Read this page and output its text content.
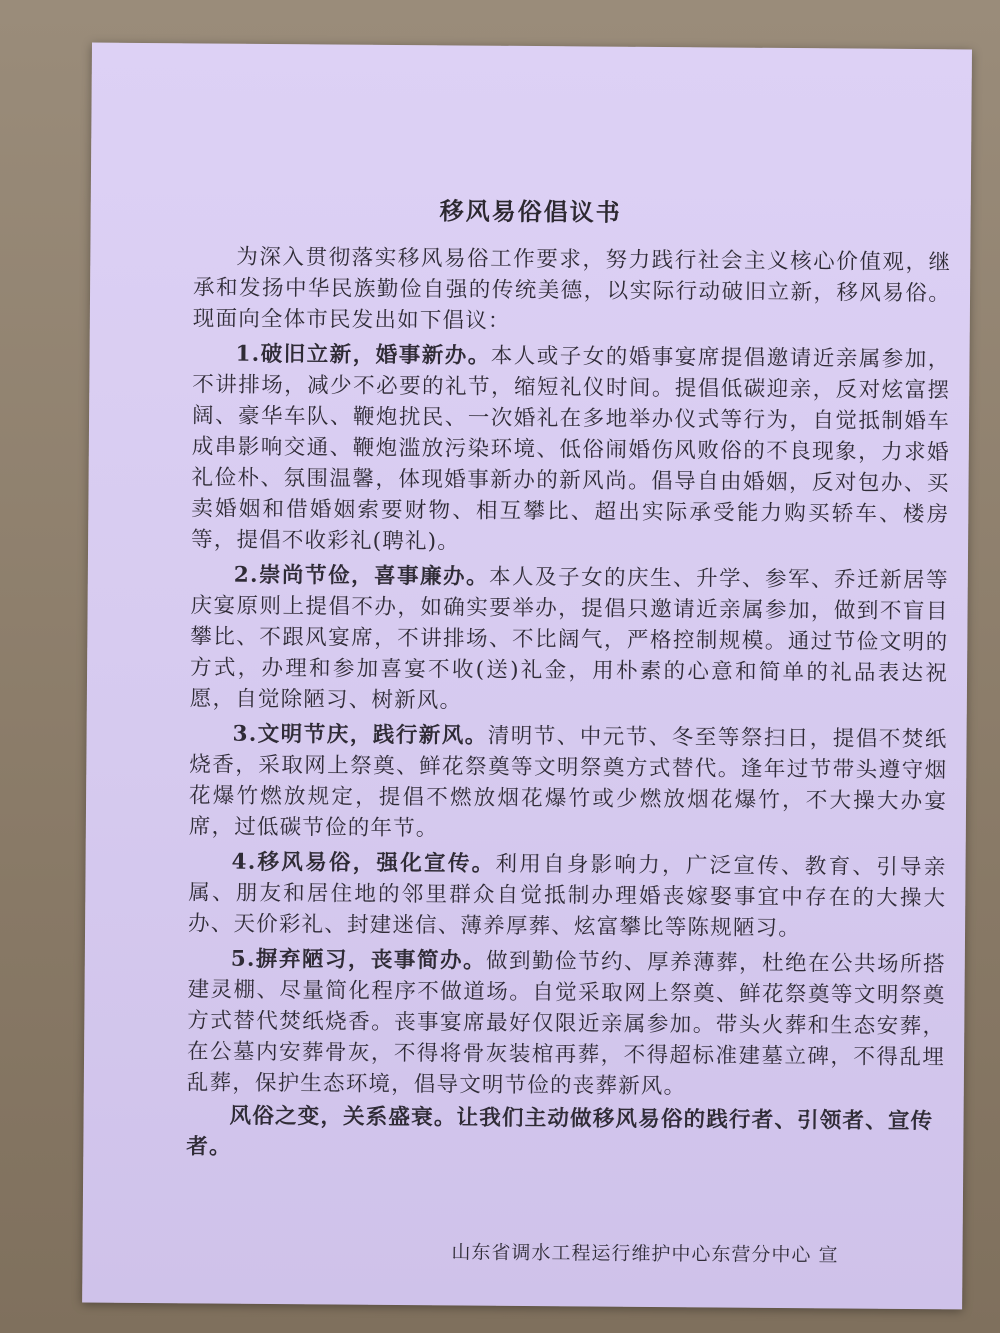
移风易俗倡议书

为深入贯彻落实移风易俗工作要求，努力践行社会主义核心价值观，继承和发扬中华民族勤俭自强的传统美德，以实际行动破旧立新，移风易俗。现面向全体市民发出如下倡议：

1.破旧立新，婚事新办。本人或子女的婚事宴席提倡邀请近亲属参加，不讲排场，减少不必要的礼节，缩短礼仪时间。提倡低碳迎亲，反对炫富摆阔、豪华车队、鞭炮扰民、一次婚礼在多地举办仪式等行为，自觉抵制婚车成串影响交通、鞭炮滥放污染环境、低俗闹婚伤风败俗的不良现象，力求婚礼俭朴、氛围温馨，体现婚事新办的新风尚。倡导自由婚姻，反对包办、买卖婚姻和借婚姻索要财物、相互攀比、超出实际承受能力购买轿车、楼房等，提倡不收彩礼(聘礼)。

2.崇尚节俭，喜事廉办。本人及子女的庆生、升学、参军、乔迁新居等庆宴原则上提倡不办，如确实要举办，提倡只邀请近亲属参加，做到不盲目攀比、不跟风宴席，不讲排场、不比阔气，严格控制规模。通过节俭文明的方式，办理和参加喜宴不收(送)礼金，用朴素的心意和简单的礼品表达祝愿，自觉除陋习、树新风。

3.文明节庆，践行新风。清明节、中元节、冬至等祭扫日，提倡不焚纸烧香，采取网上祭奠、鲜花祭奠等文明祭奠方式替代。逢年过节带头遵守烟花爆竹燃放规定，提倡不燃放烟花爆竹或少燃放烟花爆竹，不大操大办宴席，过低碳节俭的年节。

4.移风易俗，强化宣传。利用自身影响力，广泛宣传、教育、引导亲属、朋友和居住地的邻里群众自觉抵制办理婚丧嫁娶事宜中存在的大操大办、天价彩礼、封建迷信、薄养厚葬、炫富攀比等陈规陋习。

5.摒弃陋习，丧事简办。做到勤俭节约、厚养薄葬，杜绝在公共场所搭建灵棚、尽量简化程序不做道场。自觉采取网上祭奠、鲜花祭奠等文明祭奠方式替代焚纸烧香。丧事宴席最好仅限近亲属参加。带头火葬和生态安葬，在公墓内安葬骨灰，不得将骨灰装棺再葬，不得超标准建墓立碑，不得乱埋乱葬，保护生态环境，倡导文明节俭的丧葬新风。

风俗之变，关系盛衰。让我们主动做移风易俗的践行者、引领者、宣传者。

山东省调水工程运行维护中心东营分中心 宣
